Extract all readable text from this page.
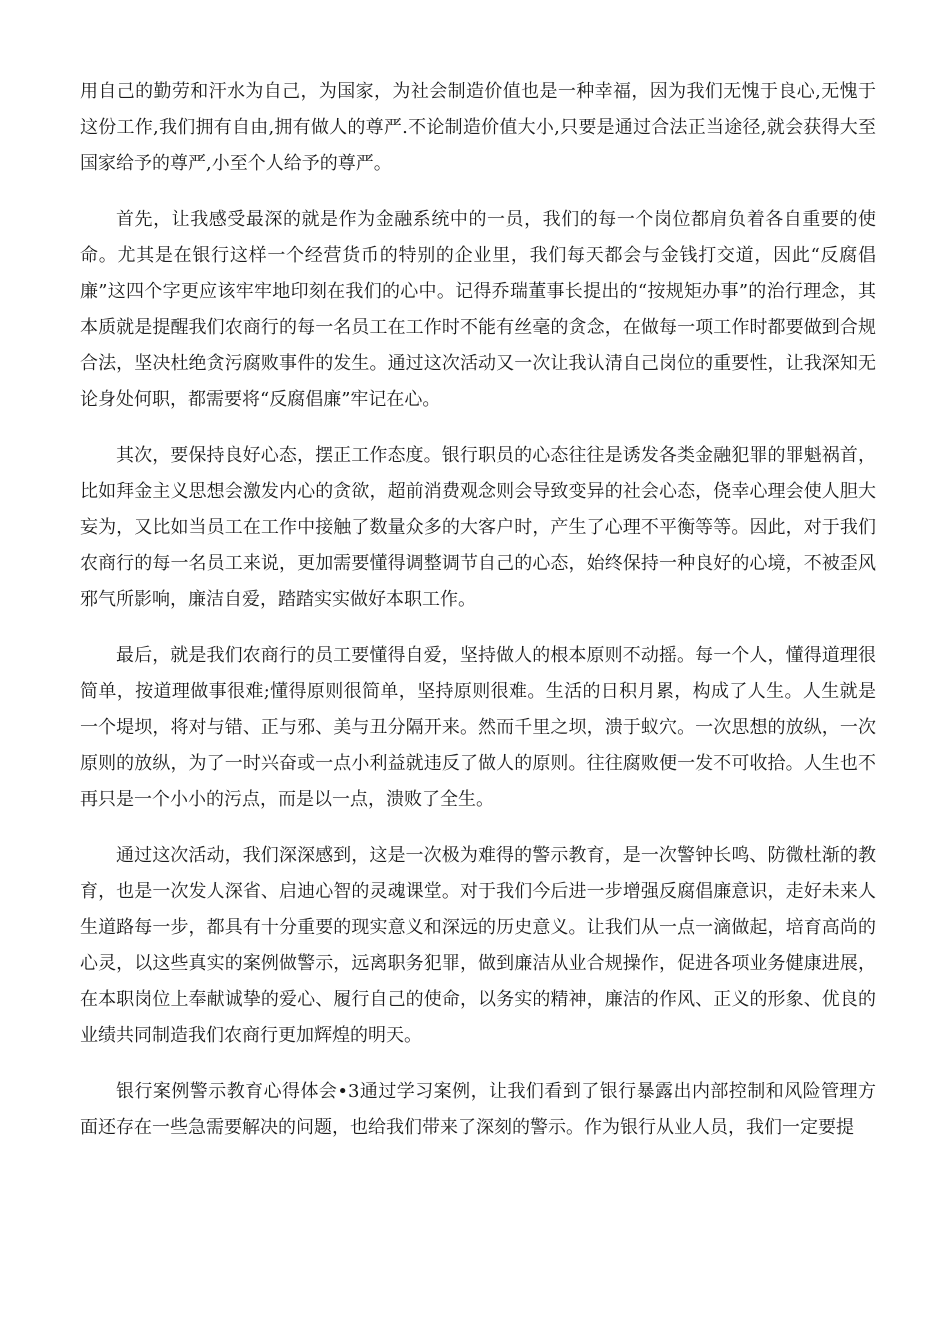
用自己的勤劳和汗水为自己，为国家，为社会制造价值也是一种幸福，因为我们无愧于良心,无愧于这份工作,我们拥有自由,拥有做人的尊严.不论制造价值大小,只要是通过合法正当途径,就会获得大至国家给予的尊严,小至个人给予的尊严。

首先，让我感受最深的就是作为金融系统中的一员，我们的每一个岗位都肩负着各自重要的使命。尤其是在银行这样一个经营货币的特别的企业里，我们每天都会与金钱打交道，因此“反腐倡廉”这四个字更应该牢牢地印刻在我们的心中。记得乔瑞董事长提出的“按规矩办事”的治行理念，其本质就是提醒我们农商行的每一名员工在工作时不能有丝毫的贪念，在做每一项工作时都要做到合规合法，坚决杜绝贪污腐败事件的发生。通过这次活动又一次让我认清自己岗位的重要性，让我深知无论身处何职，都需要将“反腐倡廉”牢记在心。

其次，要保持良好心态，摆正工作态度。银行职员的心态往往是诱发各类金融犯罪的罪魁祸首，比如拜金主义思想会激发内心的贪欲，超前消费观念则会导致变异的社会心态，侥幸心理会使人胆大妄为，又比如当员工在工作中接触了数量众多的大客户时，产生了心理不平衡等等。因此，对于我们农商行的每一名员工来说，更加需要懂得调整调节自己的心态，始终保持一种良好的心境，不被歪风邪气所影响，廉洁自爱，踏踏实实做好本职工作。

最后，就是我们农商行的员工要懂得自爱，坚持做人的根本原则不动摇。每一个人，懂得道理很简单，按道理做事很难;懂得原则很简单，坚持原则很难。生活的日积月累，构成了人生。人生就是一个堤坝，将对与错、正与邪、美与丑分隔开来。然而千里之坝，溃于蚁穴。一次思想的放纵，一次原则的放纵，为了一时兴奋或一点小利益就违反了做人的原则。往往腐败便一发不可收拾。人生也不再只是一个小小的污点，而是以一点，溃败了全生。

通过这次活动，我们深深感到，这是一次极为难得的警示教育，是一次警钟长鸣、防微杜渐的教育，也是一次发人深省、启迪心智的灵魂课堂。对于我们今后进一步增强反腐倡廉意识，走好未来人生道路每一步，都具有十分重要的现实意义和深远的历史意义。让我们从一点一滴做起，培育高尚的心灵，以这些真实的案例做警示，远离职务犯罪，做到廉洁从业合规操作，促进各项业务健康进展，在本职岗位上奉献诚挚的爱心、履行自己的使命，以务实的精神，廉洁的作风、正义的形象、优良的业绩共同制造我们农商行更加辉煌的明天。

银行案例警示教育心得体会•3通过学习案例，让我们看到了银行暴露出内部控制和风险管理方面还存在一些急需要解决的问题，也给我们带来了深刻的警示。作为银行从业人员，我们一定要提
